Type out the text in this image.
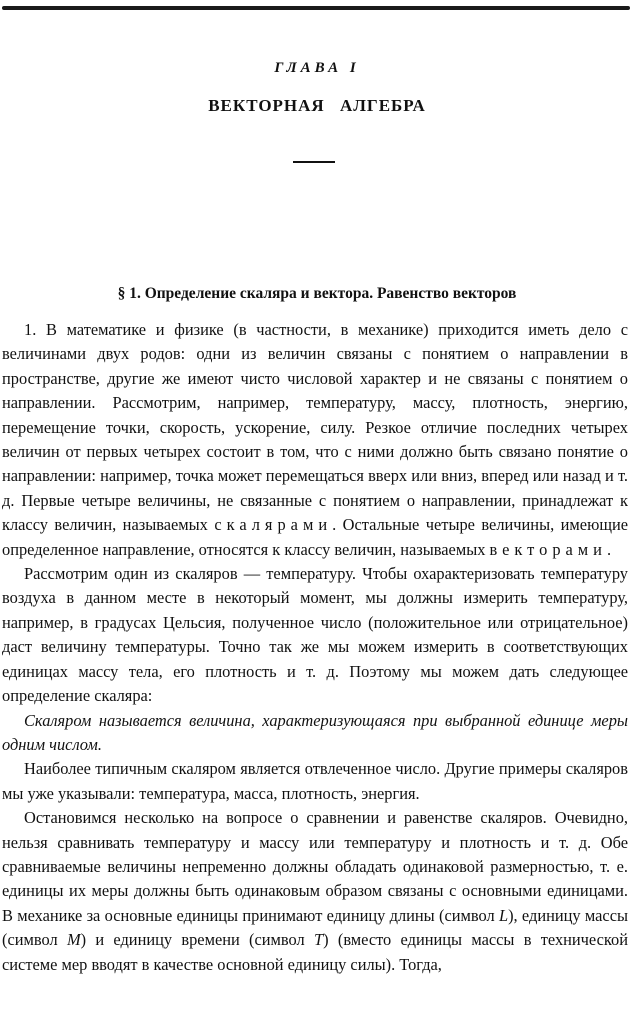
ГЛАВА I
ВЕКТОРНАЯ АЛГЕБРА
§ 1. Определение скаляра и вектора. Равенство векторов

1. В математике и физике (в частности, в механике) приходится иметь дело с величинами двух родов: одни из величин связаны с понятием о направлении в пространстве, другие же имеют чисто числовой характер и не связаны с понятием о направлении. Рассмотрим, например, температуру, массу, плотность, энергию, перемещение точки, скорость, ускорение, силу. Резкое отличие последних четырех величин от первых четырех состоит в том, что с ними должно быть связано понятие о направлении: например, точка может перемещаться вверх или вниз, вперед или назад и т. д. Первые четыре величины, не связанные с понятием о направлении, принадлежат к классу величин, называемых скалярами. Остальные четыре величины, имеющие определенное направление, относятся к классу величин, называемых векторами.

Рассмотрим один из скаляров — температуру. Чтобы охарактеризовать температуру воздуха в данном месте в некоторый момент, мы должны измерить температуру, например, в градусах Цельсия, полученное число (положительное или отрицательное) даст величину температуры. Точно так же мы можем измерить в соответствующих единицах массу тела, его плотность и т. д. Поэтому мы можем дать следующее определение скаляра:

Скаляром называется величина, характеризующаяся при выбранной единице меры одним числом.

Наиболее типичным скаляром является отвлеченное число. Другие примеры скаляров мы уже указывали: температура, масса, плотность, энергия.

Остановимся несколько на вопросе о сравнении и равенстве скаляров. Очевидно, нельзя сравнивать температуру и массу или температуру и плотность и т. д. Обе сравниваемые величины непременно должны обладать одинаковой размерностью, т. е. единицы их меры должны быть одинаковым образом связаны с основными единицами. В механике за основные единицы принимают единицу длины (символ L), единицу массы (символ M) и единицу времени (символ T) (вместо единицы массы в технической системе мер вводят в качестве основной единицу силы). Тогда,
